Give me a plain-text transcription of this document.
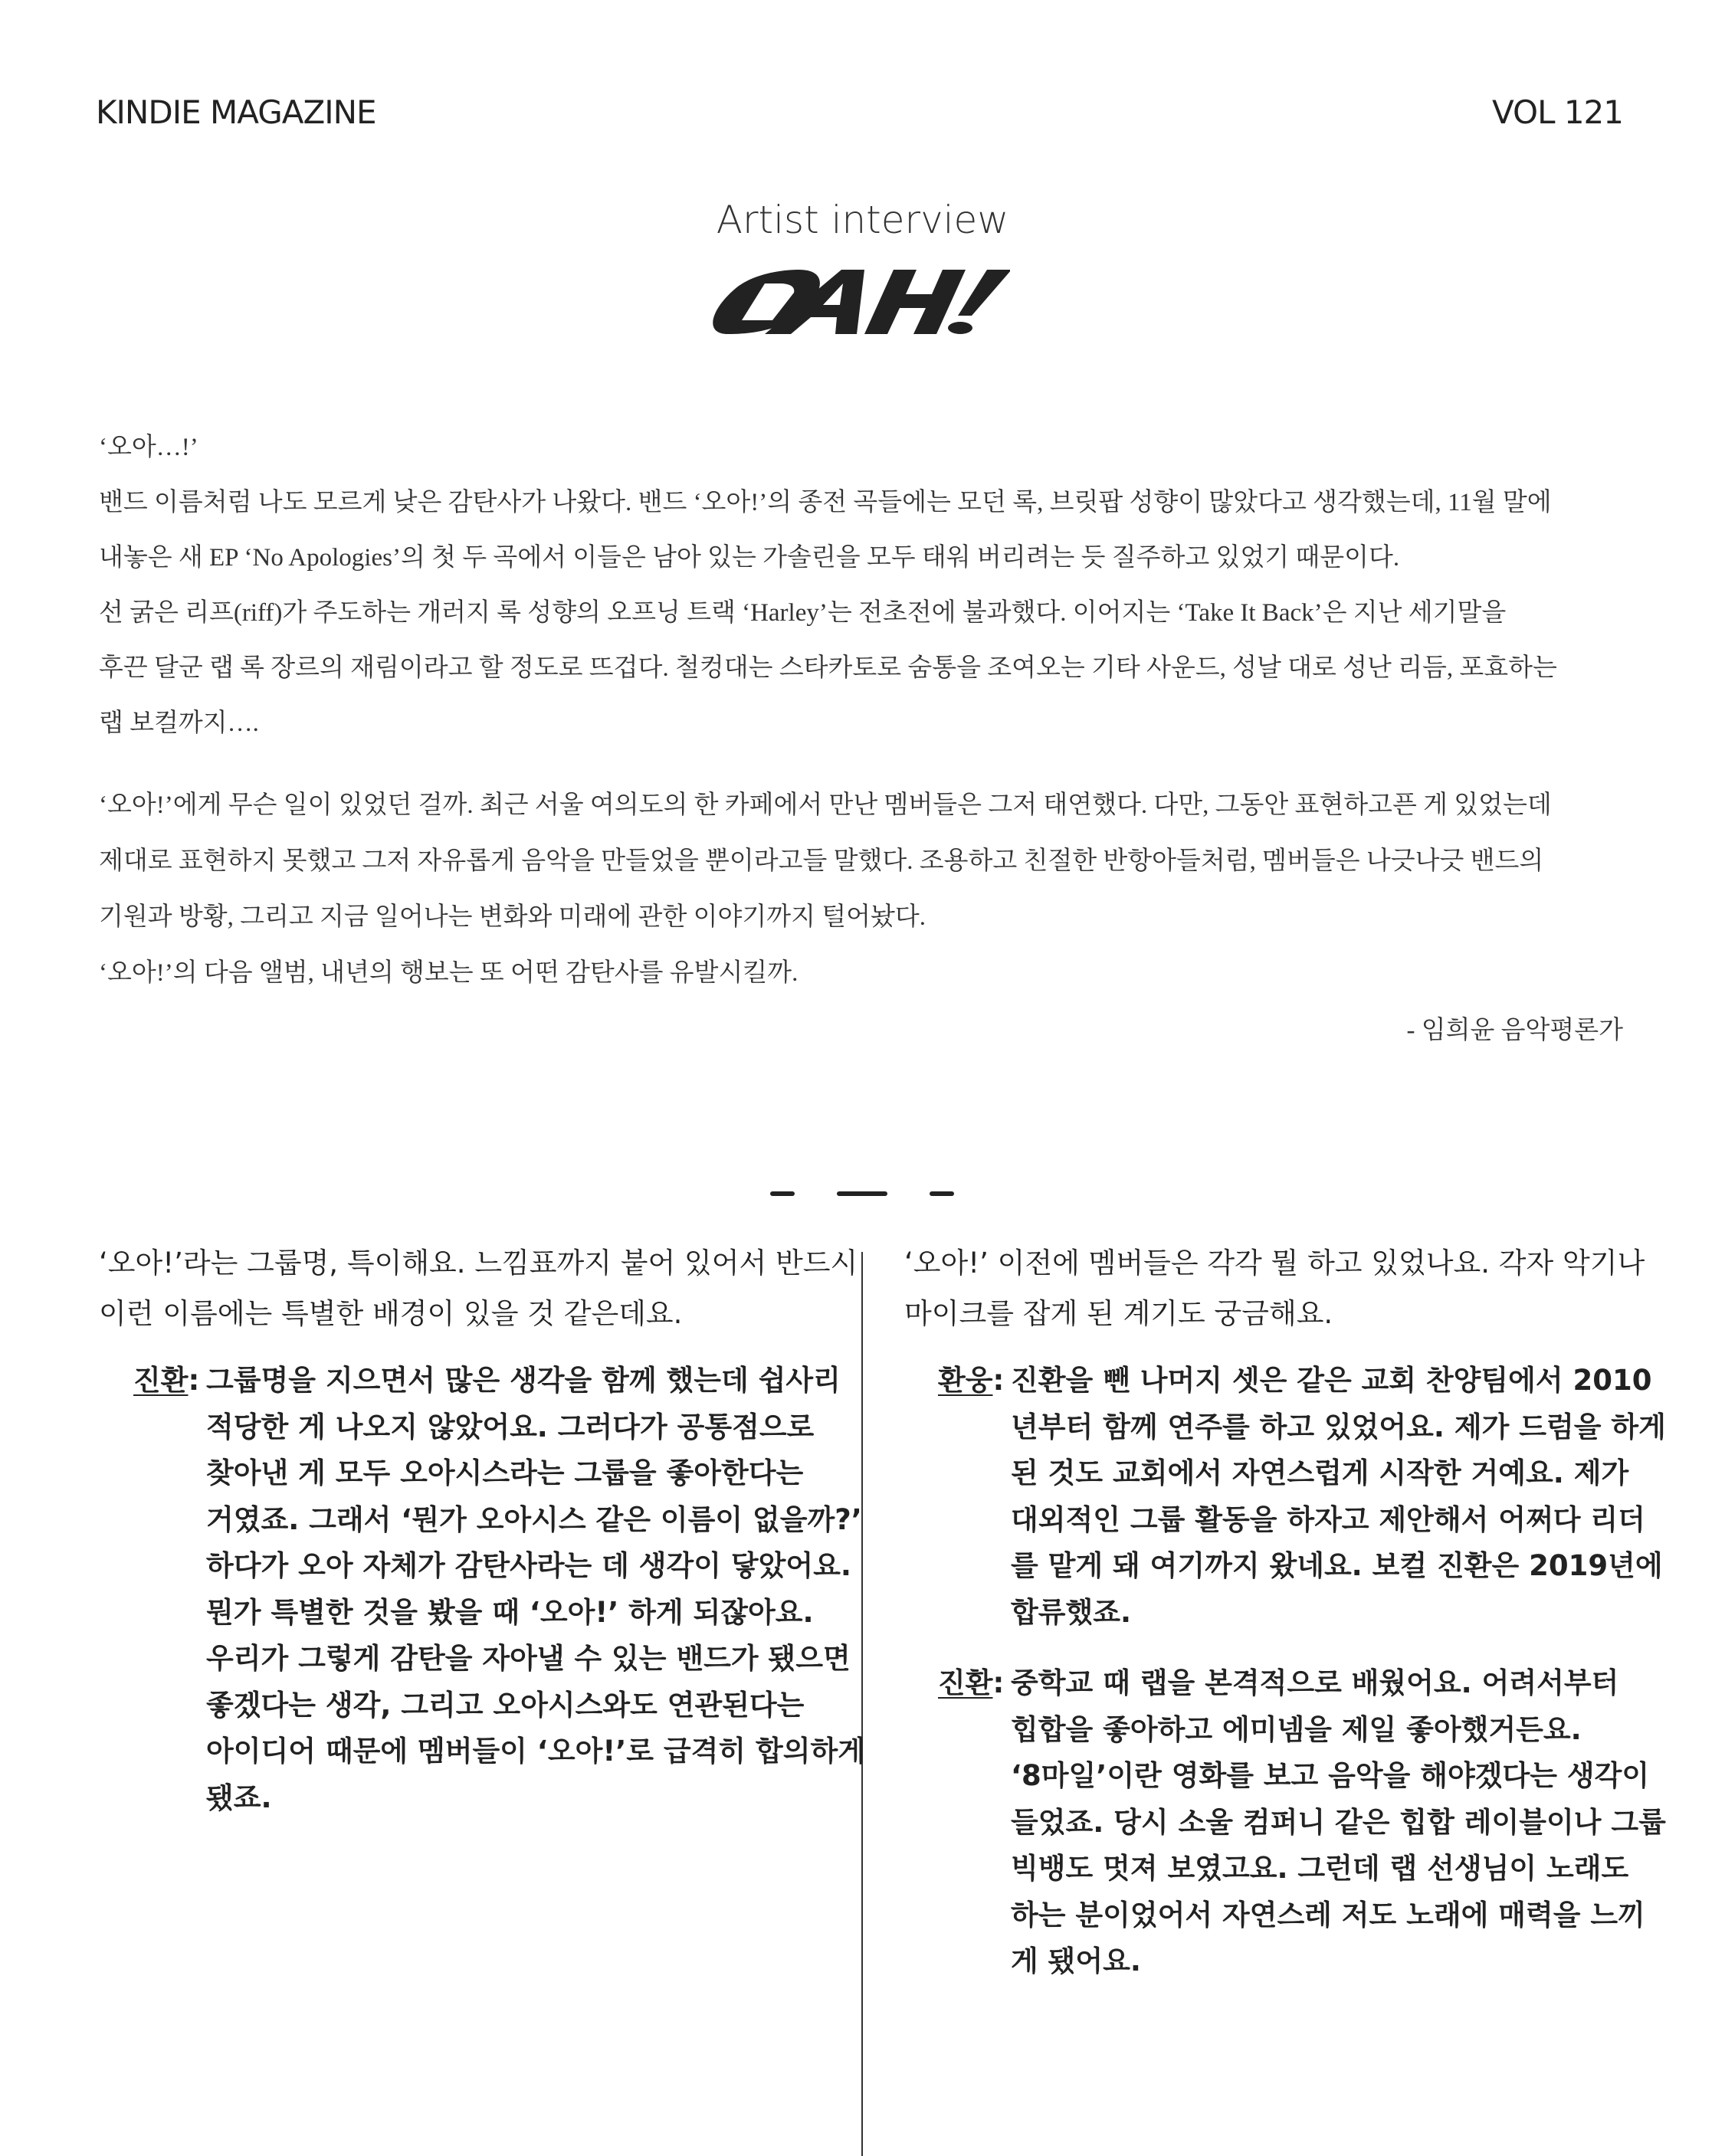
KINDIE MAGAZINE	VOL 121
Artist interview
‘오아…!’
밴드 이름처럼 나도 모르게 낮은 감탄사가 나왔다. 밴드 ‘오아!’의 종전 곡들에는 모던 록, 브릿팝 성향이 많았다고 생각했는데, 11월 말에
내놓은 새 EP ‘No Apologies’의 첫 두 곡에서 이들은 남아 있는 가솔린을 모두 태워 버리려는 듯 질주하고 있었기 때문이다.
선 굵은 리프(riff)가 주도하는 개러지 록 성향의 오프닝 트랙 ‘Harley’는 전초전에 불과했다. 이어지는 ‘Take It Back’은 지난 세기말을
후끈 달군 랩 록 장르의 재림이라고 할 정도로 뜨겁다. 철컹대는 스타카토로 숨통을 조여오는 기타 사운드, 성날 대로 성난 리듬, 포효하는
랩 보컬까지….
‘오아!’에게 무슨 일이 있었던 걸까. 최근 서울 여의도의 한 카페에서 만난 멤버들은 그저 태연했다. 다만, 그동안 표현하고픈 게 있었는데
제대로 표현하지 못했고 그저 자유롭게 음악을 만들었을 뿐이라고들 말했다. 조용하고 친절한 반항아들처럼, 멤버들은 나긋나긋 밴드의
기원과 방황, 그리고 지금 일어나는 변화와 미래에 관한 이야기까지 털어놨다.
‘오아!’의 다음 앨범, 내년의 행보는 또 어떤 감탄사를 유발시킬까.
- 임희윤 음악평론가
‘오아!’라는 그룹명, 특이해요. 느낌표까지 붙어 있어서 반드시
이런 이름에는 특별한 배경이 있을 것 같은데요.
진환: 그룹명을 지으면서 많은 생각을 함께 했는데 쉽사리
적당한 게 나오지 않았어요. 그러다가 공통점으로
찾아낸 게 모두 오아시스라는 그룹을 좋아한다는
거였죠. 그래서 ‘뭔가 오아시스 같은 이름이 없을까?’
하다가 오아 자체가 감탄사라는 데 생각이 닿았어요.
뭔가 특별한 것을 봤을 때 ‘오아!’ 하게 되잖아요.
우리가 그렇게 감탄을 자아낼 수 있는 밴드가 됐으면
좋겠다는 생각, 그리고 오아시스와도 연관된다는
아이디어 때문에 멤버들이 ‘오아!’로 급격히 합의하게
됐죠.
‘오아!’ 이전에 멤버들은 각각 뭘 하고 있었나요. 각자 악기나
마이크를 잡게 된 계기도 궁금해요.
환웅: 진환을 뺀 나머지 셋은 같은 교회 찬양팀에서 2010
년부터 함께 연주를 하고 있었어요. 제가 드럼을 하게
된 것도 교회에서 자연스럽게 시작한 거예요. 제가
대외적인 그룹 활동을 하자고 제안해서 어쩌다 리더
를 맡게 돼 여기까지 왔네요. 보컬 진환은 2019년에
합류했죠.
진환: 중학교 때 랩을 본격적으로 배웠어요. 어려서부터
힙합을 좋아하고 에미넴을 제일 좋아했거든요.
‘8마일’이란 영화를 보고 음악을 해야겠다는 생각이
들었죠. 당시 소울 컴퍼니 같은 힙합 레이블이나 그룹
빅뱅도 멋져 보였고요. 그런데 랩 선생님이 노래도
하는 분이었어서 자연스레 저도 노래에 매력을 느끼
게 됐어요.
